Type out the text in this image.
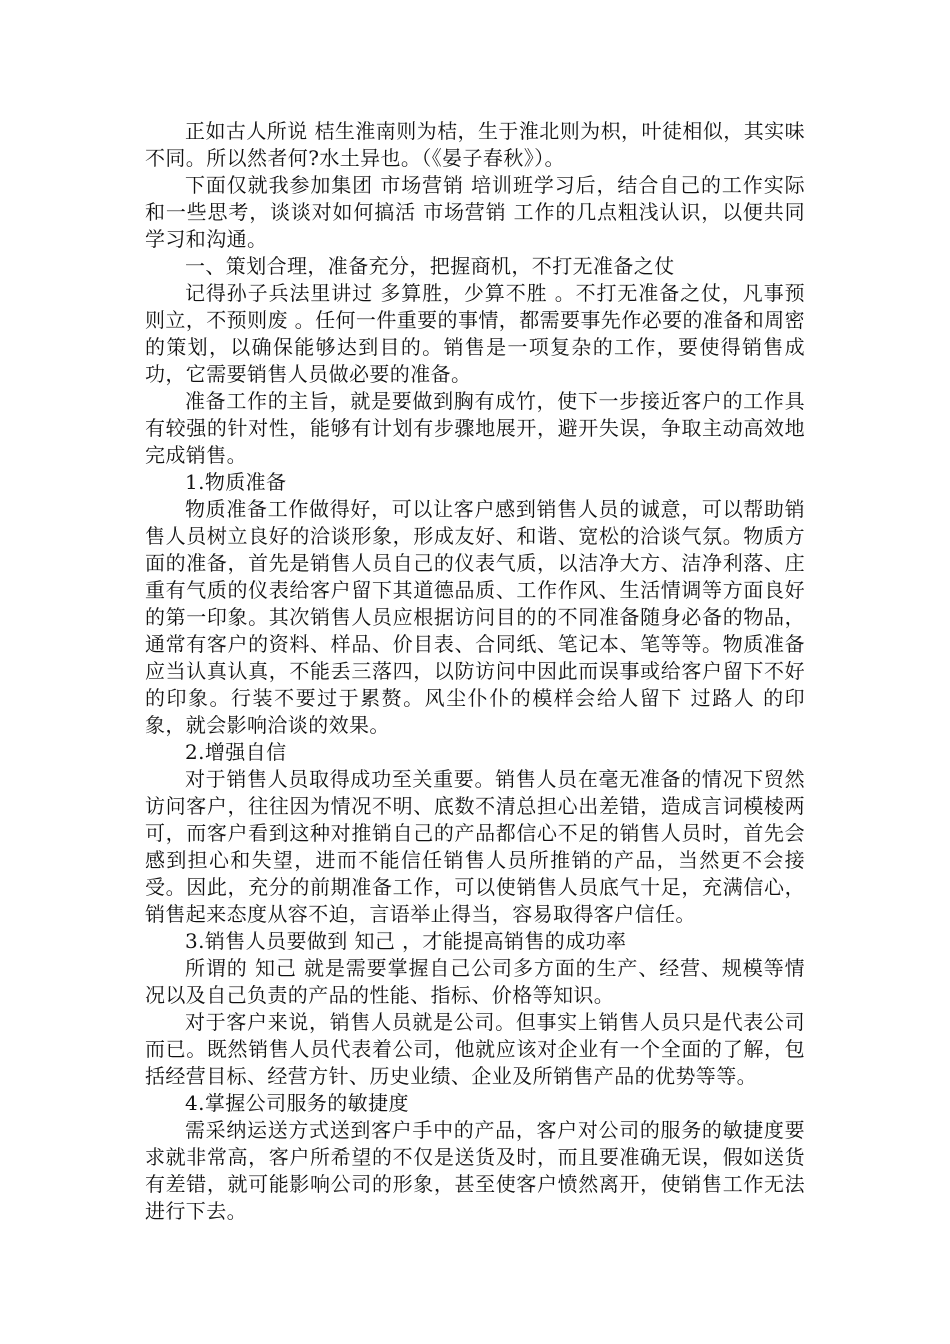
正如古人所说 桔生淮南则为桔，生于淮北则为枳，叶徒相似，其实味不同。所以然者何?水土异也。（《晏子春秋》）。

下面仅就我参加集团 市场营销 培训班学习后，结合自己的工作实际和一些思考，谈谈对如何搞活 市场营销 工作的几点粗浅认识，以便共同学习和沟通。

一、策划合理，准备充分，把握商机，不打无准备之仗

记得孙子兵法里讲过 多算胜，少算不胜 。不打无准备之仗，凡事预则立，不预则废 。任何一件重要的事情，都需要事先作必要的准备和周密的策划，以确保能够达到目的。销售是一项复杂的工作，要使得销售成功，它需要销售人员做必要的准备。

准备工作的主旨，就是要做到胸有成竹，使下一步接近客户的工作具有较强的针对性，能够有计划有步骤地展开，避开失误，争取主动高效地完成销售。

1.物质准备

物质准备工作做得好，可以让客户感到销售人员的诚意，可以帮助销售人员树立良好的洽谈形象，形成友好、和谐、宽松的洽谈气氛。物质方面的准备，首先是销售人员自己的仪表气质，以洁净大方、洁净利落、庄重有气质的仪表给客户留下其道德品质、工作作风、生活情调等方面良好的第一印象。其次销售人员应根据访问目的的不同准备随身必备的物品，通常有客户的资料、样品、价目表、合同纸、笔记本、笔等等。物质准备应当认真认真，不能丢三落四，以防访问中因此而误事或给客户留下不好的印象。行装不要过于累赘。风尘仆仆的模样会给人留下 过路人 的印象，就会影响洽谈的效果。

2.增强自信

对于销售人员取得成功至关重要。销售人员在毫无准备的情况下贸然访问客户，往往因为情况不明、底数不清总担心出差错，造成言词模棱两可，而客户看到这种对推销自己的产品都信心不足的销售人员时，首先会感到担心和失望，进而不能信任销售人员所推销的产品，当然更不会接受。因此，充分的前期准备工作，可以使销售人员底气十足，充满信心，销售起来态度从容不迫，言语举止得当，容易取得客户信任。

3.销售人员要做到 知己 ，才能提高销售的成功率

所谓的 知己 就是需要掌握自己公司多方面的生产、经营、规模等情况以及自己负责的产品的性能、指标、价格等知识。

对于客户来说，销售人员就是公司。但事实上销售人员只是代表公司而已。既然销售人员代表着公司，他就应该对企业有一个全面的了解，包括经营目标、经营方针、历史业绩、企业及所销售产品的优势等等。

4.掌握公司服务的敏捷度

需采纳运送方式送到客户手中的产品，客户对公司的服务的敏捷度要求就非常高，客户所希望的不仅是送货及时，而且要准确无误，假如送货有差错，就可能影响公司的形象，甚至使客户愤然离开，使销售工作无法进行下去。
